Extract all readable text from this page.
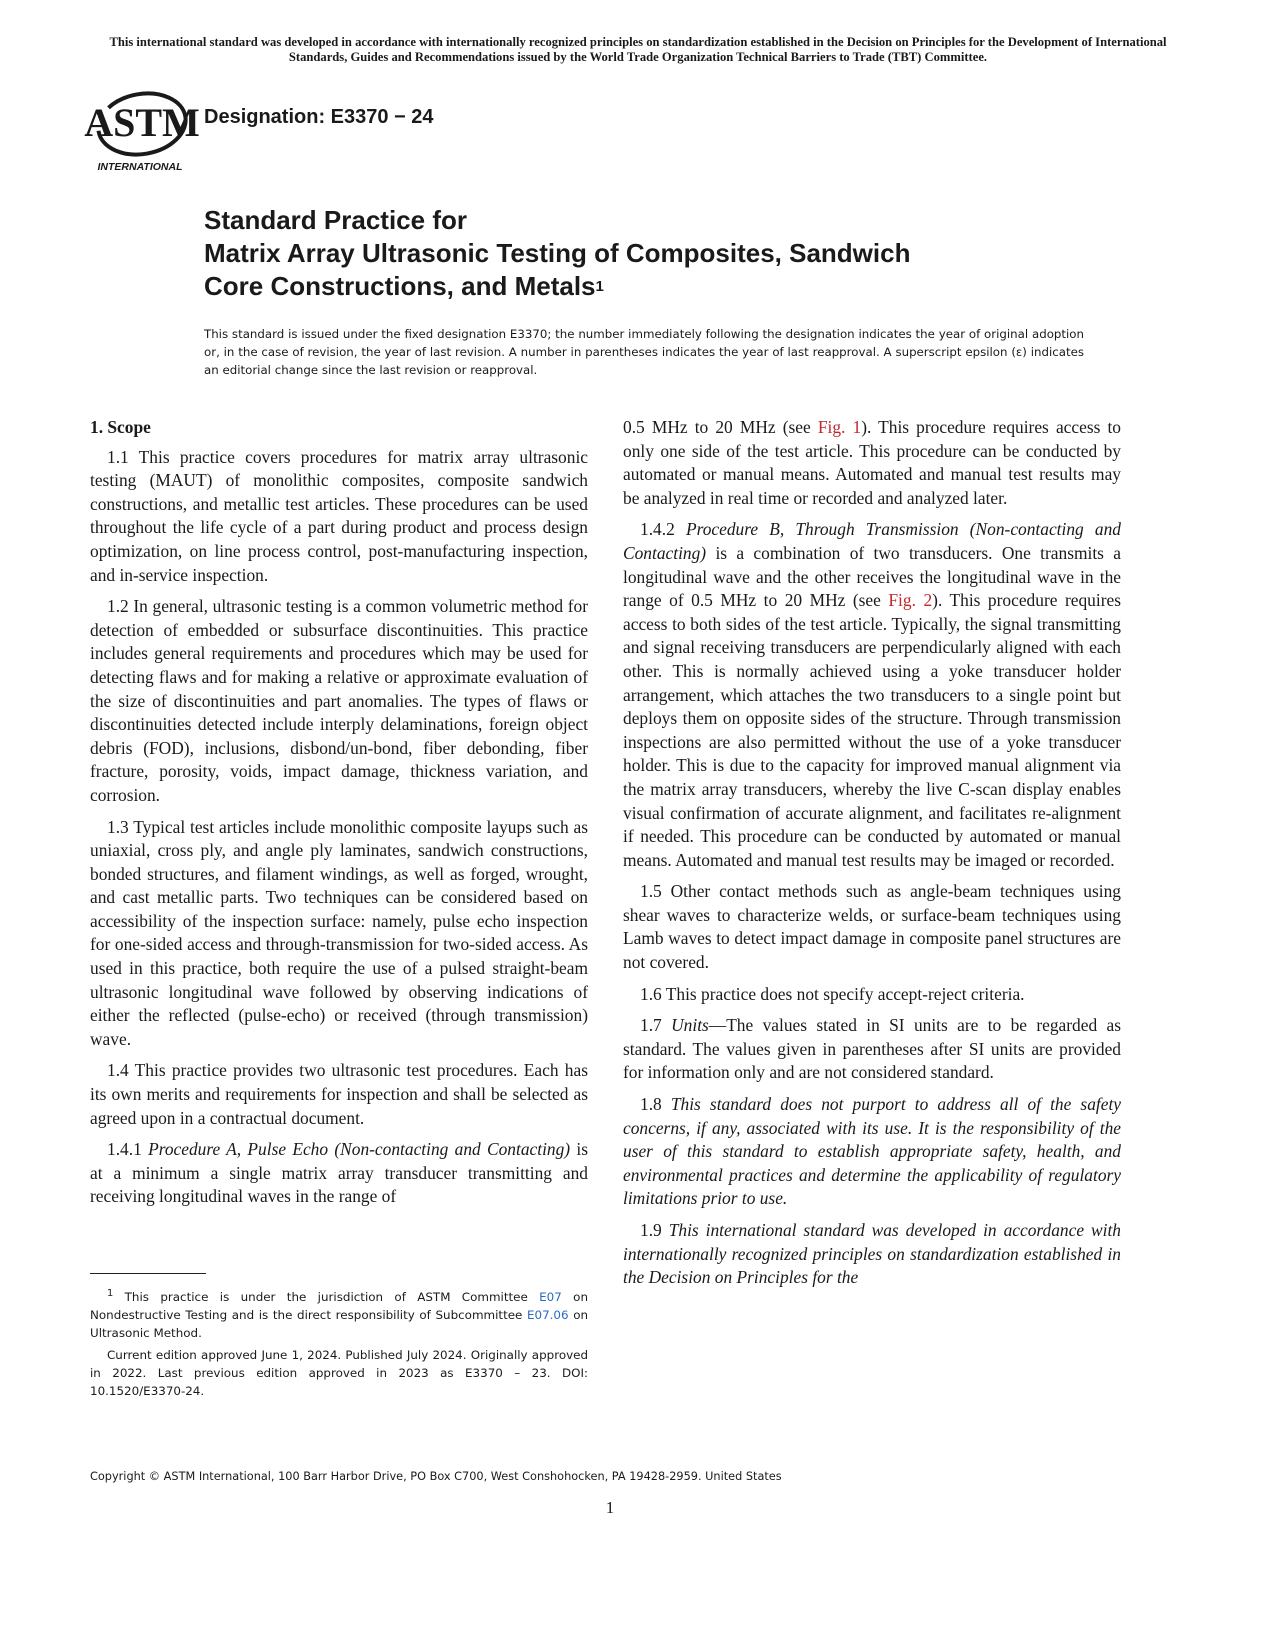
This international standard was developed in accordance with internationally recognized principles on standardization established in the Decision on Principles for the Development of International Standards, Guides and Recommendations issued by the World Trade Organization Technical Barriers to Trade (TBT) Committee.
ASTM
INTERNATIONAL
Designation: E3370 − 24
Standard Practice for
Matrix Array Ultrasonic Testing of Composites, Sandwich
Core Constructions, and Metals$^1$
This standard is issued under the fixed designation E3370; the number immediately following the designation indicates the year of original adoption or, in the case of revision, the year of last revision. A number in parentheses indicates the year of last reapproval. A superscript epsilon (ε) indicates an editorial change since the last revision or reapproval.
1. Scope

1.1 This practice covers procedures for matrix array ultrasonic testing (MAUT) of monolithic composites, composite sandwich constructions, and metallic test articles. These procedures can be used throughout the life cycle of a part during product and process design optimization, on line process control, post-manufacturing inspection, and in-service inspection.

1.2 In general, ultrasonic testing is a common volumetric method for detection of embedded or subsurface discontinuities. This practice includes general requirements and procedures which may be used for detecting flaws and for making a relative or approximate evaluation of the size of discontinuities and part anomalies. The types of flaws or discontinuities detected include interply delaminations, foreign object debris (FOD), inclusions, disbond/un-bond, fiber debonding, fiber fracture, porosity, voids, impact damage, thickness variation, and corrosion.

1.3 Typical test articles include monolithic composite layups such as uniaxial, cross ply, and angle ply laminates, sandwich constructions, bonded structures, and filament windings, as well as forged, wrought, and cast metallic parts. Two techniques can be considered based on accessibility of the inspection surface: namely, pulse echo inspection for one-sided access and through-transmission for two-sided access. As used in this practice, both require the use of a pulsed straight-beam ultrasonic longitudinal wave followed by observing indications of either the reflected (pulse-echo) or received (through transmission) wave.

1.4 This practice provides two ultrasonic test procedures. Each has its own merits and requirements for inspection and shall be selected as agreed upon in a contractual document.

1.4.1 Procedure A, Pulse Echo (Non-contacting and Contacting) is at a minimum a single matrix array transducer transmitting and receiving longitudinal waves in the range of

0.5 MHz to 20 MHz (see Fig. 1). This procedure requires access to only one side of the test article. This procedure can be conducted by automated or manual means. Automated and manual test results may be analyzed in real time or recorded and analyzed later.

1.4.2 Procedure B, Through Transmission (Non-contacting and Contacting) is a combination of two transducers. One transmits a longitudinal wave and the other receives the longitudinal wave in the range of 0.5 MHz to 20 MHz (see Fig. 2). This procedure requires access to both sides of the test article. Typically, the signal transmitting and signal receiving transducers are perpendicularly aligned with each other. This is normally achieved using a yoke transducer holder arrangement, which attaches the two transducers to a single point but deploys them on opposite sides of the structure. Through transmission inspections are also permitted without the use of a yoke transducer holder. This is due to the capacity for improved manual alignment via the matrix array transducers, whereby the live C-scan display enables visual confirmation of accurate alignment, and facilitates re-alignment if needed. This procedure can be conducted by automated or manual means. Automated and manual test results may be imaged or recorded.

1.5 Other contact methods such as angle-beam techniques using shear waves to characterize welds, or surface-beam techniques using Lamb waves to detect impact damage in composite panel structures are not covered.

1.6 This practice does not specify accept-reject criteria.

1.7 Units—The values stated in SI units are to be regarded as standard. The values given in parentheses after SI units are provided for information only and are not considered standard.

1.8 This standard does not purport to address all of the safety concerns, if any, associated with its use. It is the responsibility of the user of this standard to establish appropriate safety, health, and environmental practices and determine the applicability of regulatory limitations prior to use.

1.9 This international standard was developed in accordance with internationally recognized principles on standardization established in the Decision on Principles for the

$^1$ This practice is under the jurisdiction of ASTM Committee E07 on Nondestructive Testing and is the direct responsibility of Subcommittee E07.06 on Ultrasonic Method.

Current edition approved June 1, 2024. Published July 2024. Originally approved in 2022. Last previous edition approved in 2023 as E3370 – 23. DOI: 10.1520/E3370-24.

Copyright © ASTM International, 100 Barr Harbor Drive, PO Box C700, West Conshohocken, PA 19428-2959. United States
1
